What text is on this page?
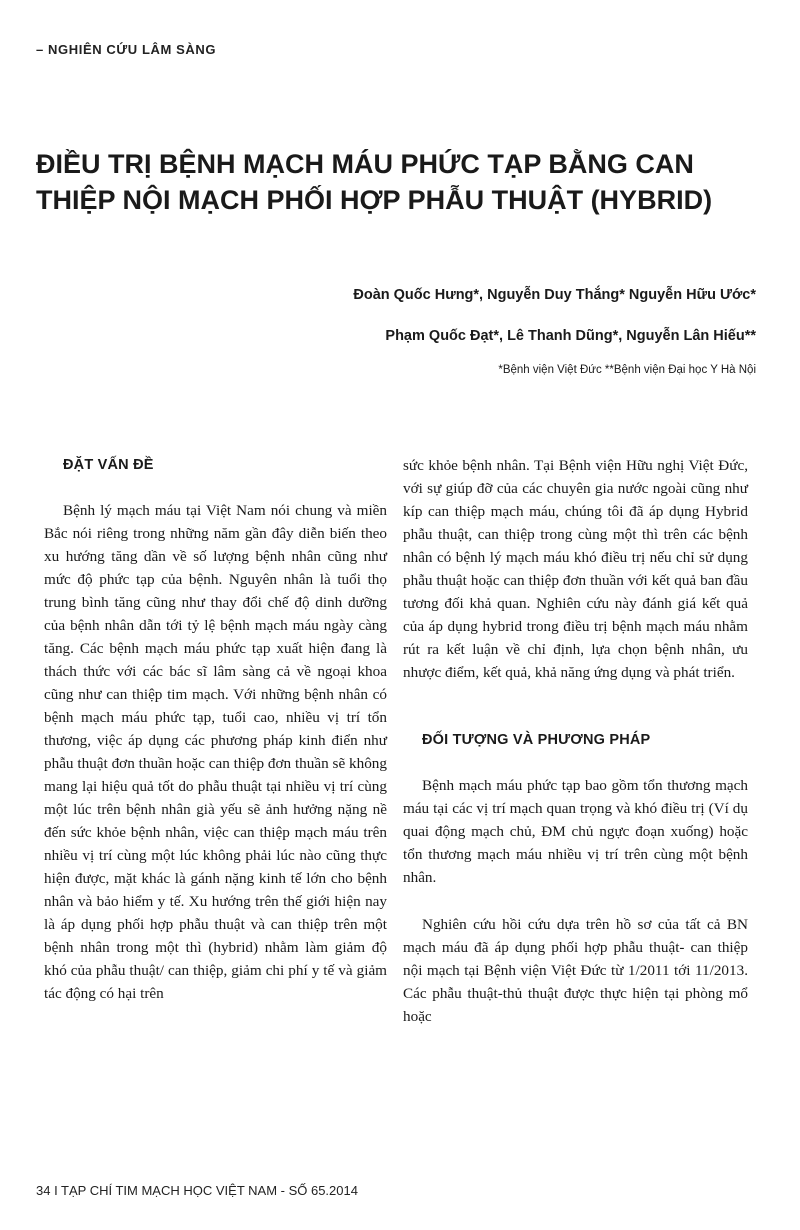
– NGHIÊN CỨU LÂM SÀNG
ĐIỀU TRỊ BỆNH MẠCH MÁU PHỨC TẠP BẰNG CAN THIỆP NỘI MẠCH PHỐI HỢP PHẪU THUẬT (HYBRID)
Đoàn Quốc Hưng*, Nguyễn Duy Thắng* Nguyễn Hữu Ước*
Phạm Quốc Đạt*, Lê Thanh Dũng*, Nguyễn Lân Hiếu**
*Bệnh viện Việt Đức **Bệnh viện Đại học Y Hà Nội
ĐẶT VẤN ĐỀ

Bệnh lý mạch máu tại Việt Nam nói chung và miền Bắc nói riêng trong những năm gần đây diễn biến theo xu hướng tăng dần về số lượng bệnh nhân cũng như mức độ phức tạp của bệnh. Nguyên nhân là tuổi thọ trung bình tăng cũng như thay đổi chế độ dinh dưỡng của bệnh nhân dẫn tới tỷ lệ bệnh mạch máu ngày càng tăng. Các bệnh mạch máu phức tạp xuất hiện đang là thách thức với các bác sĩ lâm sàng cả về ngoại khoa cũng như can thiệp tim mạch. Với những bệnh nhân có bệnh mạch máu phức tạp, tuổi cao, nhiều vị trí tổn thương, việc áp dụng các phương pháp kinh điển như phẫu thuật đơn thuần hoặc can thiệp đơn thuần sẽ không mang lại hiệu quả tốt do phẫu thuật tại nhiều vị trí cùng một lúc trên bệnh nhân già yếu sẽ ảnh hưởng nặng nề đến sức khỏe bệnh nhân, việc can thiệp mạch máu trên nhiều vị trí cùng một lúc không phải lúc nào cũng thực hiện được, mặt khác là gánh nặng kinh tế lớn cho bệnh nhân và bảo hiểm y tế. Xu hướng trên thế giới hiện nay là áp dụng phối hợp phẫu thuật và can thiệp trên một bệnh nhân trong một thì (hybrid) nhằm làm giảm độ khó của phẫu thuật/ can thiệp, giảm chi phí y tế và giảm tác động có hại trên

sức khỏe bệnh nhân. Tại Bệnh viện Hữu nghị Việt Đức, với sự giúp đỡ của các chuyên gia nước ngoài cũng như kíp can thiệp mạch máu, chúng tôi đã áp dụng Hybrid phẫu thuật, can thiệp trong cùng một thì trên các bệnh nhân có bệnh lý mạch máu khó điều trị nếu chỉ sử dụng phẫu thuật hoặc can thiệp đơn thuần với kết quả ban đầu tương đối khả quan. Nghiên cứu này đánh giá kết quả của áp dụng hybrid trong điều trị bệnh mạch máu nhằm rút ra kết luận về chỉ định, lựa chọn bệnh nhân, ưu nhược điểm, kết quả, khả năng ứng dụng và phát triển.

ĐỐI TƯỢNG VÀ PHƯƠNG PHÁP

Bệnh mạch máu phức tạp bao gồm tổn thương mạch máu tại các vị trí mạch quan trọng và khó điều trị (Ví dụ quai động mạch chủ, ĐM chủ ngực đoạn xuống) hoặc tổn thương mạch máu nhiều vị trí trên cùng một bệnh nhân.

Nghiên cứu hồi cứu dựa trên hồ sơ của tất cả BN mạch máu đã áp dụng phối hợp phẫu thuật- can thiệp nội mạch tại Bệnh viện Việt Đức từ 1/2011 tới 11/2013. Các phẫu thuật-thủ thuật được thực hiện tại phòng mổ hoặc

34 I TẠP CHÍ TIM MẠCH HỌC VIỆT NAM - SỐ 65.2014
